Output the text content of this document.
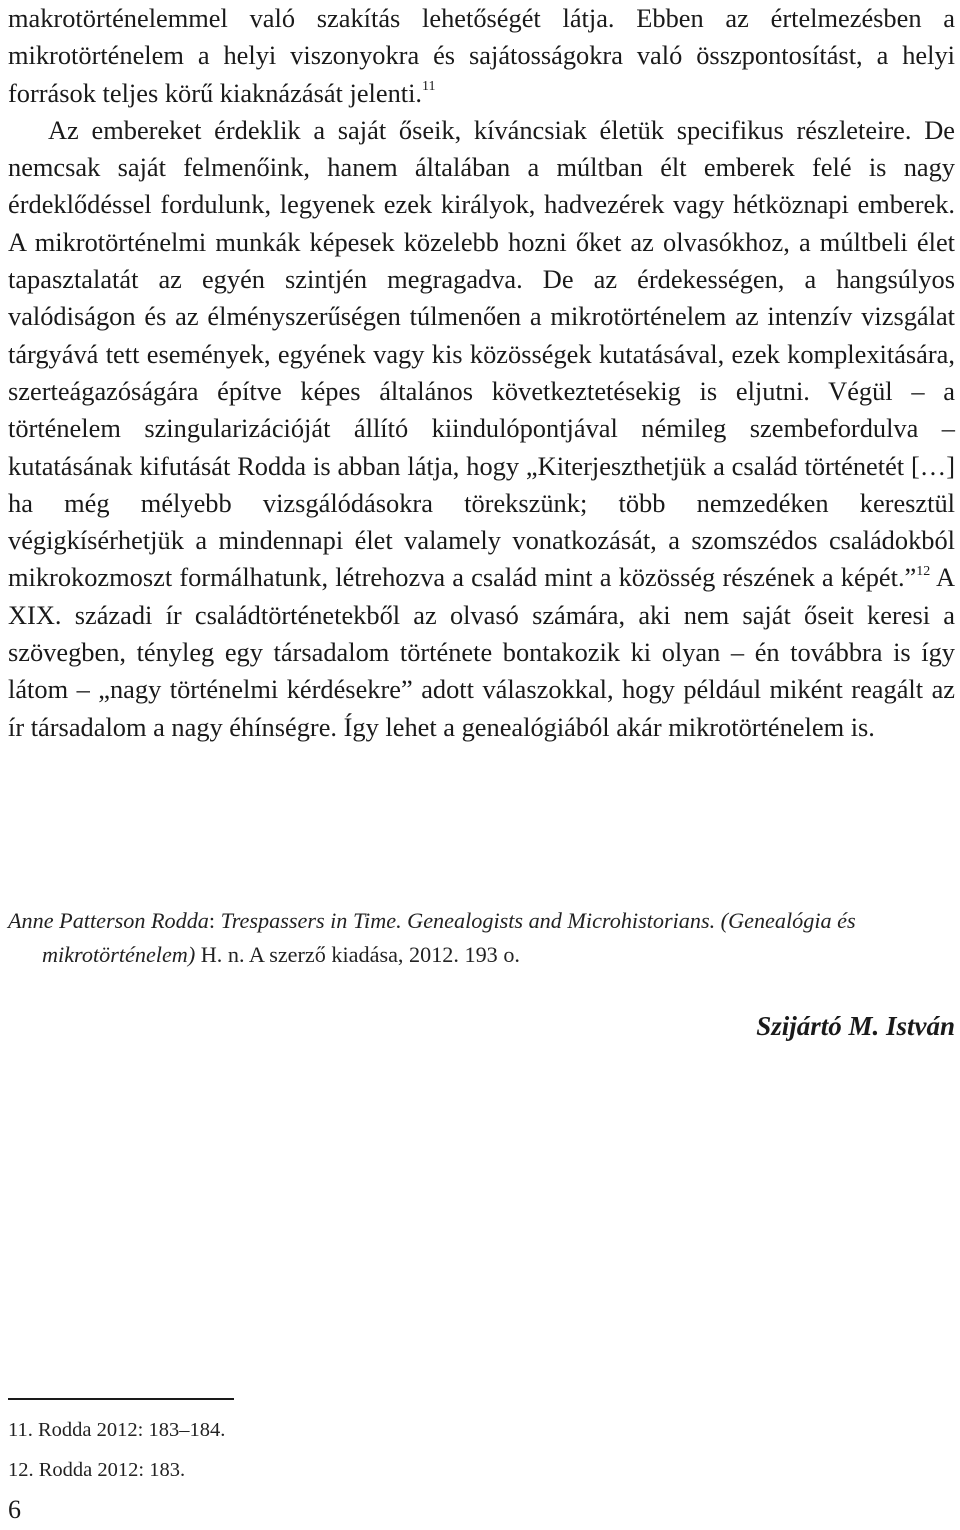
makrotörténelemmel való szakítás lehetőségét látja. Ebben az értelmezésben a mikrotörténelem a helyi viszonyokra és sajátosságokra való összpontosítást, a helyi források teljes körű kiaknázását jelenti.$^{11}$

Az embereket érdeklik a saját őseik, kíváncsiak életük specifikus részleteire. De nemcsak saját felmenőink, hanem általában a múltban élt emberek felé is nagy érdeklődéssel fordulunk, legyenek ezek királyok, hadvezérek vagy hétköznapi emberek. A mikrotörténelmi munkák képesek közelebb hozni őket az olvasókhoz, a múltbeli élet tapasztalatát az egyén szintjén megragadva. De az érdekességen, a hangsúlyos valódiságon és az élményszerűségen túlmenően a mikrotörténelem az intenzív vizsgálat tárgyává tett események, egyének vagy kis közösségek kutatásával, ezek komplexitására, szerteágazóságára építve képes általános következtetésekig is eljutni. Végül – a történelem szingularizációját állító kiindulópontjával némileg szembefordulva – kutatásának kifutását Rodda is abban látja, hogy „Kiterjeszthetjük a család történetét […] ha még mélyebb vizsgálódásokra törekszünk; több nemzedéken keresztül végigkísérhetjük a mindennapi élet valamely vonatkozását, a szomszédos családokból mikrokozmoszt formálhatunk, létrehozva a család mint a közösség részének a képét.”$^{12}$ A XIX. századi ír családtörténetekből az olvasó számára, aki nem saját őseit keresi a szövegben, tényleg egy társadalom története bontakozik ki olyan – én továbbra is így látom – „nagy történelmi kérdésekre” adott válaszokkal, hogy például miként reagált az ír társadalom a nagy éhínségre. Így lehet a genealógiából akár mikrotörténelem is.

Anne Patterson Rodda: Trespassers in Time. Genealogists and Microhistorians. (Genealógia és mikrotörténelem) H. n. A szerző kiadása, 2012. 193 o.
Szijártó M. István
11. Rodda 2012: 183–184.
12. Rodda 2012: 183.
6
